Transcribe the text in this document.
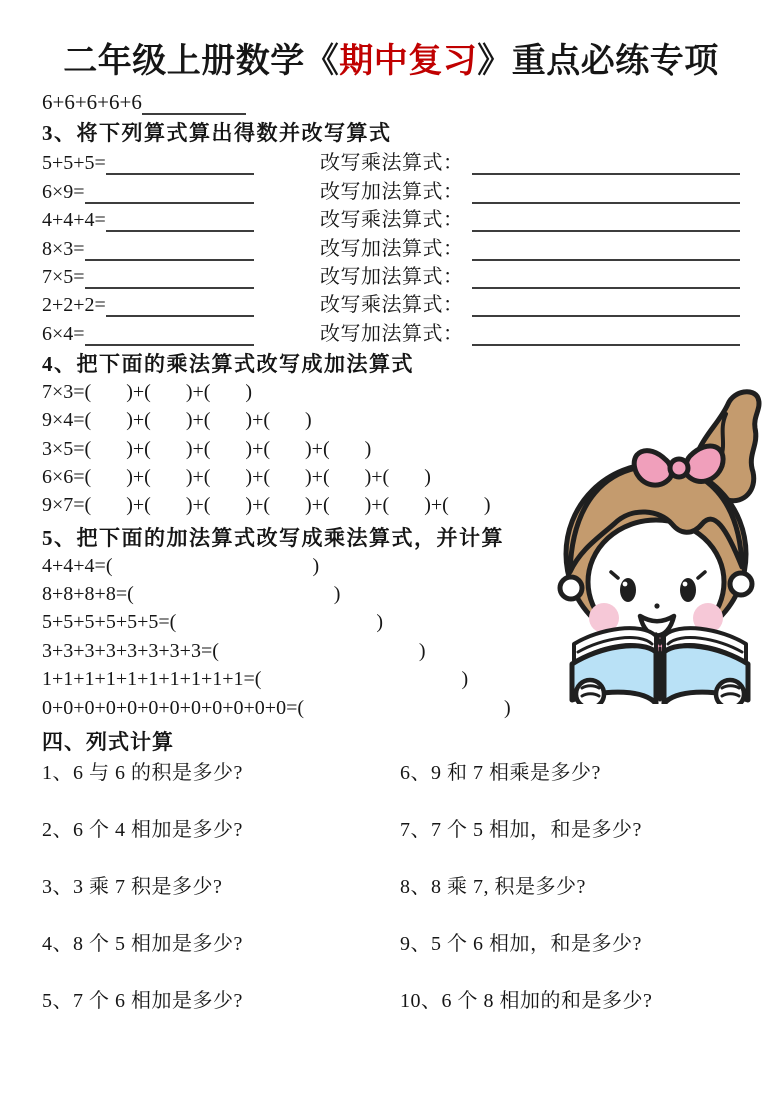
二年级上册数学《期中复习》重点必练专项
6+6+6+6+6
3、将下列算式算出得数并改写算式
5+5+5=	改写乘法算式：
6×9=	改写加法算式：
4+4+4=	改写乘法算式：
8×3=	改写加法算式：
7×5=	改写加法算式：
2+2+2=	改写乘法算式：
6×4=	改写加法算式：
4、把下面的乘法算式改写成加法算式
7×3=(       )+(       )+(       )
9×4=(       )+(       )+(       )+(       )
3×5=(       )+(       )+(       )+(       )+(       )
6×6=(       )+(       )+(       )+(       )+(       )+(       )
9×7=(       )+(       )+(       )+(       )+(       )+(       )+(       )
5、把下面的加法算式改写成乘法算式，并计算
4+4+4=(                                        )
8+8+8+8=(                                        )
5+5+5+5+5+5=(                                        )
3+3+3+3+3+3+3+3=(                                        )
1+1+1+1+1+1+1+1+1+1=(                                        )
0+0+0+0+0+0+0+0+0+0+0+0=(                                        )
四、列式计算
1、6 与 6 的积是多少?	6、9 和 7 相乘是多少?
2、6 个 4 相加是多少?	7、7 个 5 相加，和是多少?
3、3 乘 7 积是多少?	8、8 乘 7, 积是多少?
4、8 个 5 相加是多少?	9、5 个 6 相加，和是多少?
5、7 个 6 相加是多少?	10、6 个 8 相加的和是多少?
